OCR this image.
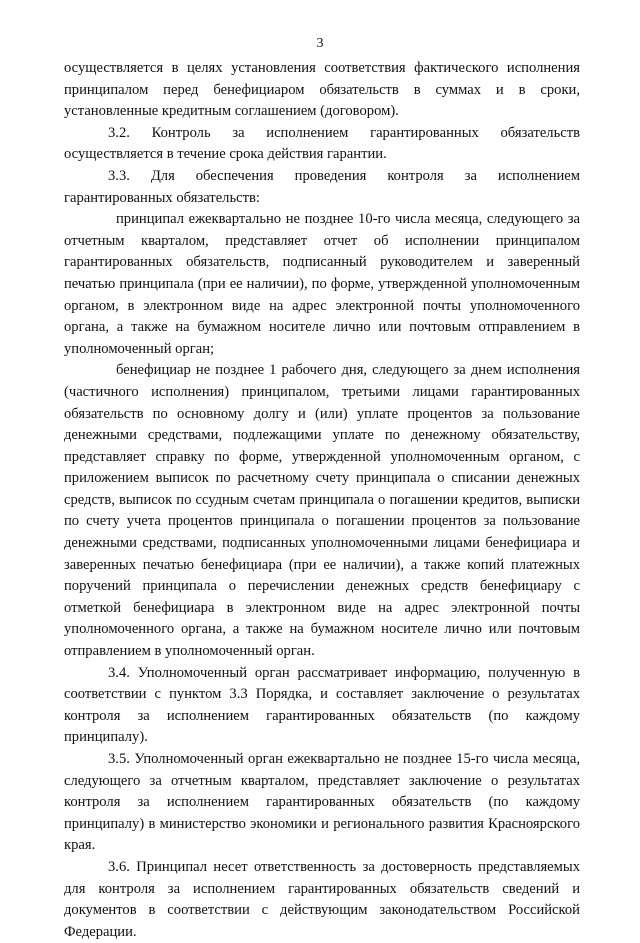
3

осуществляется в целях установления соответствия фактического исполнения принципалом перед бенефициаром обязательств в суммах и в сроки, установленные кредитным соглашением (договором).

3.2. Контроль за исполнением гарантированных обязательств осуществляется в течение срока действия гарантии.

3.3. Для обеспечения проведения контроля за исполнением гарантированных обязательств:

принципал ежеквартально не позднее 10-го числа месяца, следующего за отчетным кварталом, представляет отчет об исполнении принципалом гарантированных обязательств, подписанный руководителем и заверенный печатью принципала (при ее наличии), по форме, утвержденной уполномоченным органом, в электронном виде на адрес электронной почты уполномоченного органа, а также на бумажном носителе лично или почтовым отправлением в уполномоченный орган;

бенефициар не позднее 1 рабочего дня, следующего за днем исполнения (частичного исполнения) принципалом, третьими лицами гарантированных обязательств по основному долгу и (или) уплате процентов за пользование денежными средствами, подлежащими уплате по денежному обязательству, представляет справку по форме, утвержденной уполномоченным органом, с приложением выписок по расчетному счету принципала о списании денежных средств, выписок по ссудным счетам принципала о погашении кредитов, выписки по счету учета процентов принципала о погашении процентов за пользование денежными средствами, подписанных уполномоченными лицами бенефициара и заверенных печатью бенефициара (при ее наличии), а также копий платежных поручений принципала о перечислении денежных средств бенефициару с отметкой бенефициара в электронном виде на адрес электронной почты уполномоченного органа, а также на бумажном носителе лично или почтовым отправлением в уполномоченный орган.

3.4. Уполномоченный орган рассматривает информацию, полученную в соответствии с пунктом 3.3 Порядка, и составляет заключение о результатах контроля за исполнением гарантированных обязательств (по каждому принципалу).

3.5. Уполномоченный орган ежеквартально не позднее 15-го числа месяца, следующего за отчетным кварталом, представляет заключение о результатах контроля за исполнением гарантированных обязательств (по каждому принципалу) в министерство экономики и регионального развития Красноярского края.

3.6. Принципал несет ответственность за достоверность представляемых для контроля за исполнением гарантированных обязательств сведений и документов в соответствии с действующим законодательством Российской Федерации.
